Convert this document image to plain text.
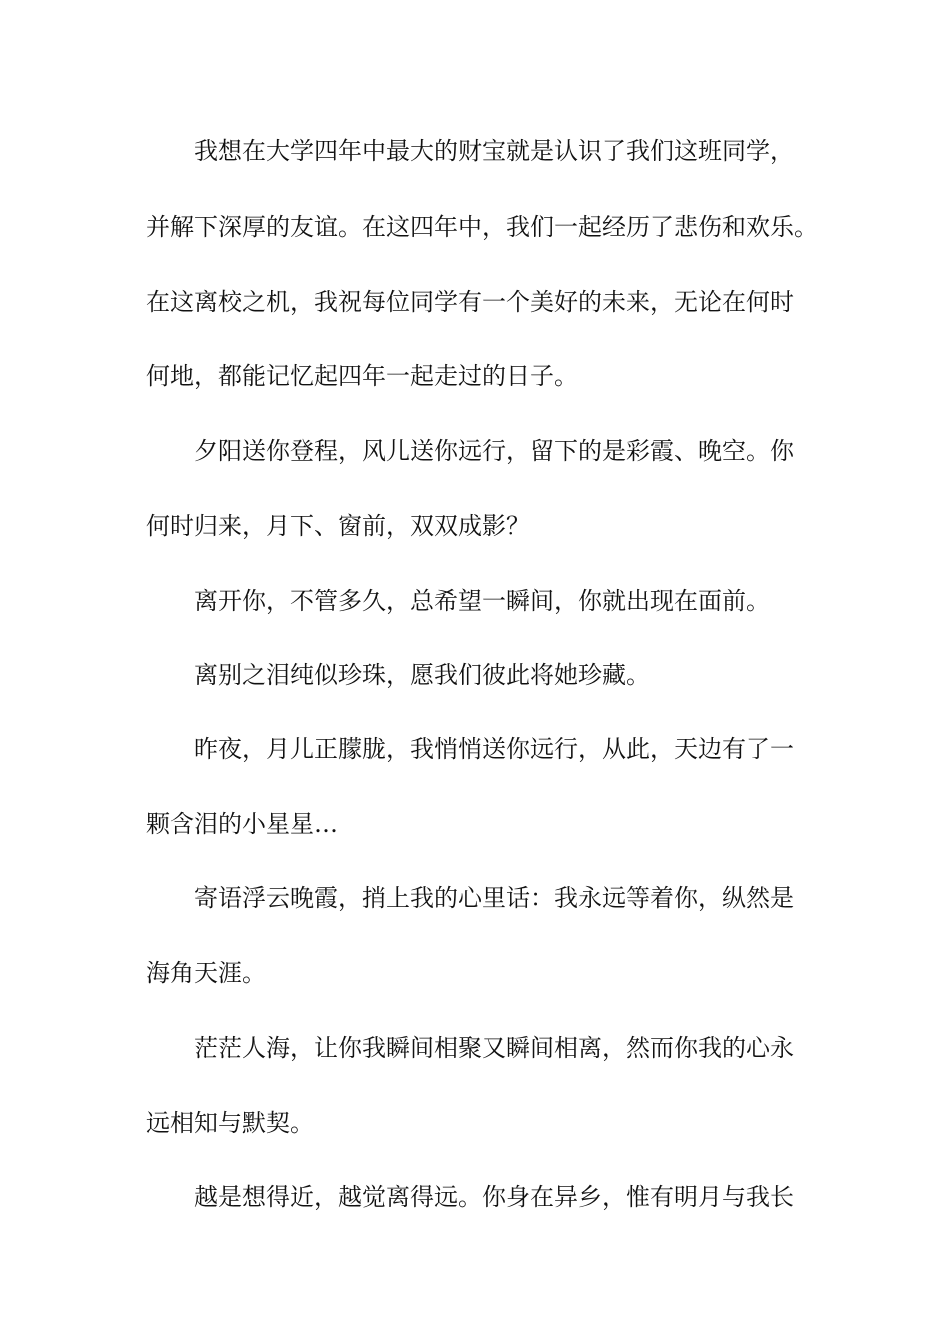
我想在大学四年中最大的财宝就是认识了我们这班同学，
并解下深厚的友谊。在这四年中，我们一起经历了悲伤和欢乐。
在这离校之机，我祝每位同学有一个美好的未来，无论在何时
何地，都能记忆起四年一起走过的日子。
夕阳送你登程，风儿送你远行，留下的是彩霞、晚空。你
何时归来，月下、窗前，双双成影？
离开你，不管多久，总希望一瞬间，你就出现在面前。
离别之泪纯似珍珠，愿我们彼此将她珍藏。
昨夜，月儿正朦胧，我悄悄送你远行，从此，天边有了一
颗含泪的小星星…
寄语浮云晚霞，捎上我的心里话：我永远等着你，纵然是
海角天涯。
茫茫人海，让你我瞬间相聚又瞬间相离，然而你我的心永
远相知与默契。
越是想得近，越觉离得远。你身在异乡，惟有明月与我长
